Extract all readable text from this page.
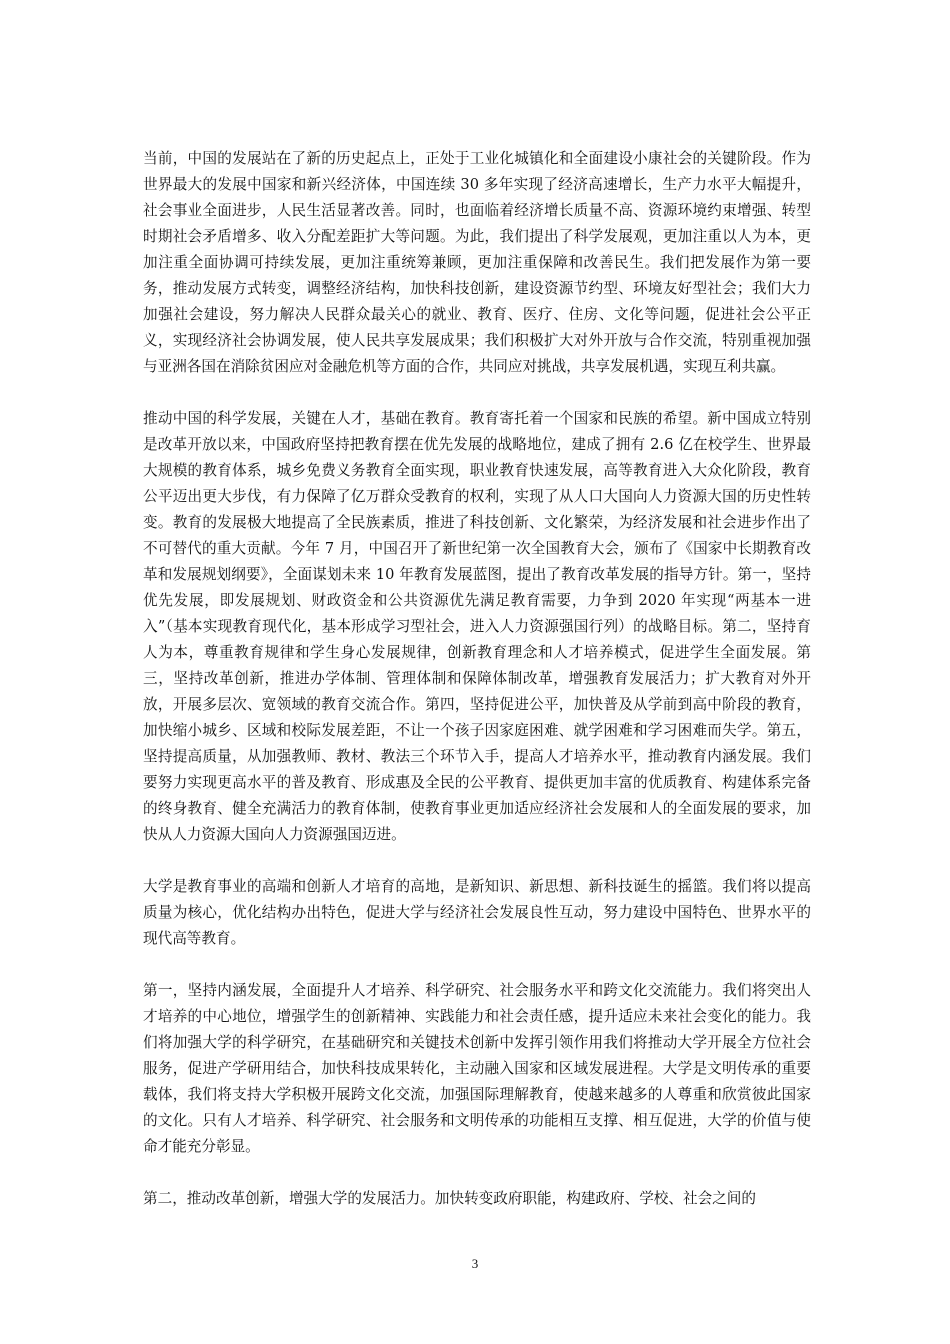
当前，中国的发展站在了新的历史起点上，正处于工业化城镇化和全面建设小康社会的关键阶段。作为世界最大的发展中国家和新兴经济体，中国连续 30 多年实现了经济高速增长，生产力水平大幅提升，社会事业全面进步，人民生活显著改善。同时，也面临着经济增长质量不高、资源环境约束增强、转型时期社会矛盾增多、收入分配差距扩大等问题。为此，我们提出了科学发展观，更加注重以人为本，更加注重全面协调可持续发展，更加注重统筹兼顾，更加注重保障和改善民生。我们把发展作为第一要务，推动发展方式转变，调整经济结构，加快科技创新，建设资源节约型、环境友好型社会；我们大力加强社会建设，努力解决人民群众最关心的就业、教育、医疗、住房、文化等问题，促进社会公平正义，实现经济社会协调发展，使人民共享发展成果；我们积极扩大对外开放与合作交流，特别重视加强与亚洲各国在消除贫困应对金融危机等方面的合作，共同应对挑战，共享发展机遇，实现互利共赢。

推动中国的科学发展，关键在人才，基础在教育。教育寄托着一个国家和民族的希望。新中国成立特别是改革开放以来，中国政府坚持把教育摆在优先发展的战略地位，建成了拥有 2.6 亿在校学生、世界最大规模的教育体系，城乡免费义务教育全面实现，职业教育快速发展，高等教育进入大众化阶段，教育公平迈出更大步伐，有力保障了亿万群众受教育的权利，实现了从人口大国向人力资源大国的历史性转变。教育的发展极大地提高了全民族素质，推进了科技创新、文化繁荣，为经济发展和社会进步作出了不可替代的重大贡献。今年 7 月，中国召开了新世纪第一次全国教育大会，颁布了《国家中长期教育改革和发展规划纲要》，全面谋划未来 10 年教育发展蓝图，提出了教育改革发展的指导方针。第一，坚持优先发展，即发展规划、财政资金和公共资源优先满足教育需要，力争到 2020 年实现“两基本一进入”（基本实现教育现代化，基本形成学习型社会，进入人力资源强国行列）的战略目标。第二，坚持育人为本，尊重教育规律和学生身心发展规律，创新教育理念和人才培养模式，促进学生全面发展。第三，坚持改革创新，推进办学体制、管理体制和保障体制改革，增强教育发展活力；扩大教育对外开放，开展多层次、宽领域的教育交流合作。第四，坚持促进公平，加快普及从学前到高中阶段的教育，加快缩小城乡、区域和校际发展差距，不让一个孩子因家庭困难、就学困难和学习困难而失学。第五，坚持提高质量，从加强教师、教材、教法三个环节入手，提高人才培养水平，推动教育内涵发展。我们要努力实现更高水平的普及教育、形成惠及全民的公平教育、提供更加丰富的优质教育、构建体系完备的终身教育、健全充满活力的教育体制，使教育事业更加适应经济社会发展和人的全面发展的要求，加快从人力资源大国向人力资源强国迈进。

大学是教育事业的高端和创新人才培育的高地，是新知识、新思想、新科技诞生的摇篮。我们将以提高质量为核心，优化结构办出特色，促进大学与经济社会发展良性互动，努力建设中国特色、世界水平的现代高等教育。

第一，坚持内涵发展，全面提升人才培养、科学研究、社会服务水平和跨文化交流能力。我们将突出人才培养的中心地位，增强学生的创新精神、实践能力和社会责任感，提升适应未来社会变化的能力。我们将加强大学的科学研究，在基础研究和关键技术创新中发挥引领作用我们将推动大学开展全方位社会服务，促进产学研用结合，加快科技成果转化，主动融入国家和区域发展进程。大学是文明传承的重要载体，我们将支持大学积极开展跨文化交流，加强国际理解教育，使越来越多的人尊重和欣赏彼此国家的文化。只有人才培养、科学研究、社会服务和文明传承的功能相互支撑、相互促进，大学的价值与使命才能充分彰显。

第二，推动改革创新，增强大学的发展活力。加快转变政府职能，构建政府、学校、社会之间的

3
